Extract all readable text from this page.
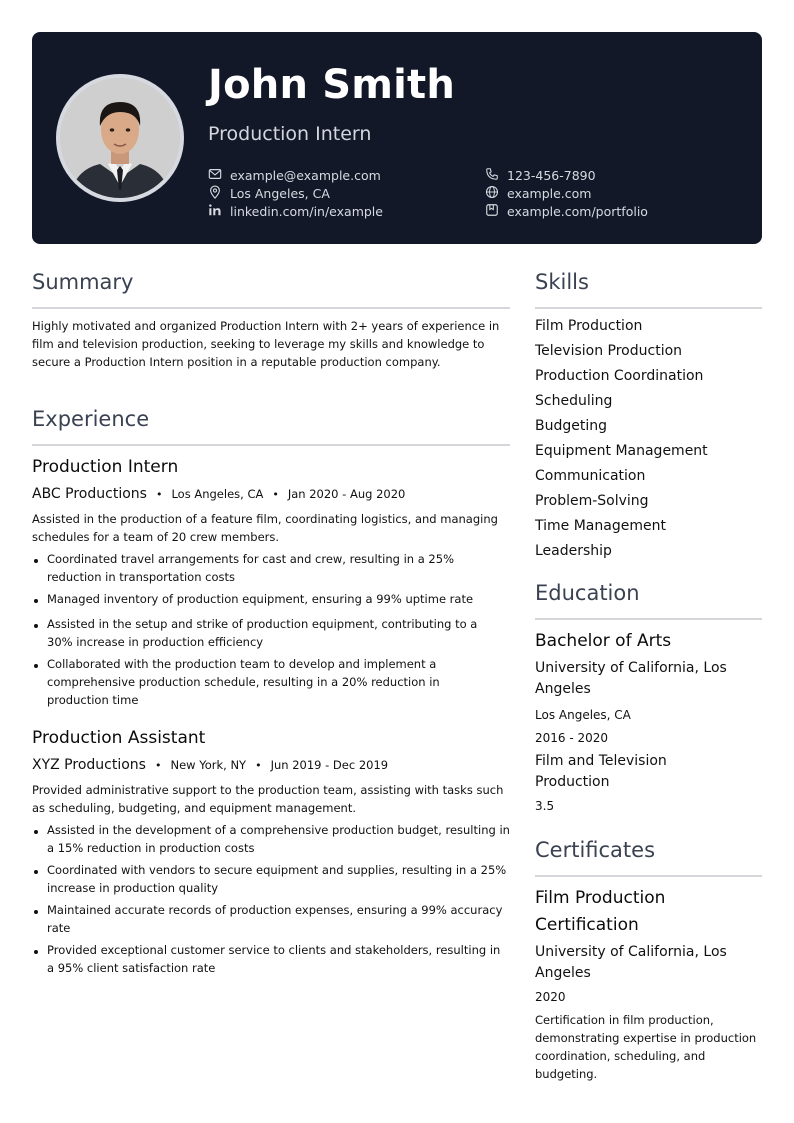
John Smith
Production Intern
example@example.com	123-456-7890
Los Angeles, CA	example.com
linkedin.com/in/example	example.com/portfolio
Summary
Highly motivated and organized Production Intern with 2+ years of experience in film and television production, seeking to leverage my skills and knowledge to secure a Production Intern position in a reputable production company.
Experience
Production Intern
ABC Productions • Los Angeles, CA • Jan 2020 - Aug 2020
Assisted in the production of a feature film, coordinating logistics, and managing schedules for a team of 20 crew members.
Coordinated travel arrangements for cast and crew, resulting in a 25% reduction in transportation costs
Managed inventory of production equipment, ensuring a 99% uptime rate
Assisted in the setup and strike of production equipment, contributing to a 30% increase in production efficiency
Collaborated with the production team to develop and implement a comprehensive production schedule, resulting in a 20% reduction in production time
Production Assistant
XYZ Productions • New York, NY • Jun 2019 - Dec 2019
Provided administrative support to the production team, assisting with tasks such as scheduling, budgeting, and equipment management.
Assisted in the development of a comprehensive production budget, resulting in a 15% reduction in production costs
Coordinated with vendors to secure equipment and supplies, resulting in a 25% increase in production quality
Maintained accurate records of production expenses, ensuring a 99% accuracy rate
Provided exceptional customer service to clients and stakeholders, resulting in a 95% client satisfaction rate
Skills
Film Production
Television Production
Production Coordination
Scheduling
Budgeting
Equipment Management
Communication
Problem-Solving
Time Management
Leadership
Education
Bachelor of Arts
University of California, Los Angeles
Los Angeles, CA
2016 - 2020
Film and Television Production
3.5
Certificates
Film Production Certification
University of California, Los Angeles
2020
Certification in film production, demonstrating expertise in production coordination, scheduling, and budgeting.
